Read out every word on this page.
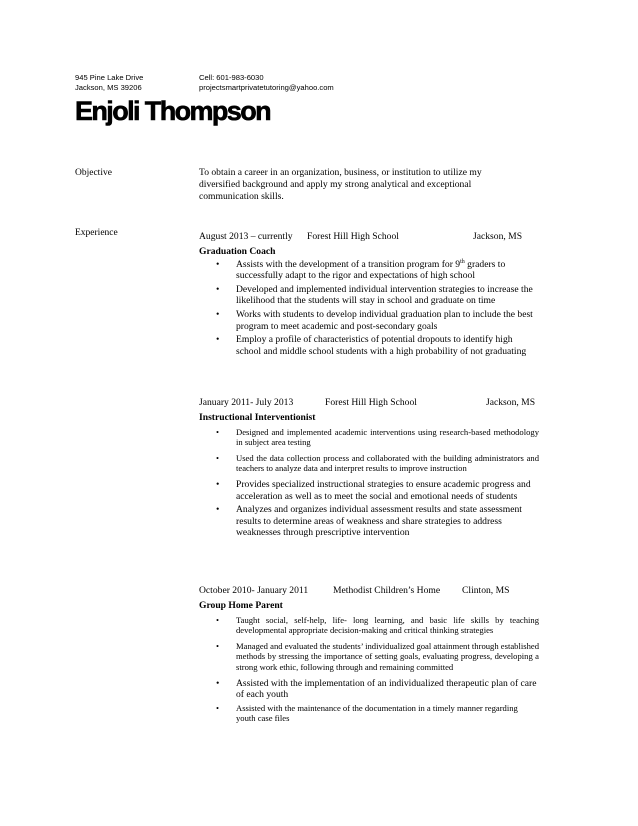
945 Pine Lake Drive
Jackson, MS 39206
Cell: 601-983-6030
projectsmartprivatetutoring@yahoo.com
Enjoli Thompson
Objective	To obtain a career in an organization, business, or institution to utilize my diversified background and apply my strong analytical and exceptional communication skills.
Experience	August 2013 – currently Forest Hill High School	Jackson, MS
Graduation Coach
• Assists with the development of a transition program for 9th graders to successfully adapt to the rigor and expectations of high school
• Developed and implemented individual intervention strategies to increase the likelihood that the students will stay in school and graduate on time
• Works with students to develop individual graduation plan to include the best program to meet academic and post-secondary goals
• Employ a profile of characteristics of potential dropouts to identify high school and middle school students with a high probability of not graduating
January 2011- July 2013	Forest Hill High School	Jackson, MS
Instructional Interventionist
• Designed and implemented academic interventions using research-based methodology in subject area testing
• Used the data collection process and collaborated with the building administrators and teachers to analyze data and interpret results to improve instruction
• Provides specialized instructional strategies to ensure academic progress and acceleration as well as to meet the social and emotional needs of students
• Analyzes and organizes individual assessment results and state assessment results to determine areas of weakness and share strategies to address weaknesses through prescriptive intervention
October 2010- January 2011	Methodist Children’s Home Clinton, MS
Group Home Parent
• Taught social, self-help, life- long learning, and basic life skills by teaching developmental appropriate decision-making and critical thinking strategies
• Managed and evaluated the students’ individualized goal attainment through established methods by stressing the importance of setting goals, evaluating progress, developing a strong work ethic, following through and remaining committed
• Assisted with the implementation of an individualized therapeutic plan of care of each youth
• Assisted with the maintenance of the documentation in a timely manner regarding youth case files
